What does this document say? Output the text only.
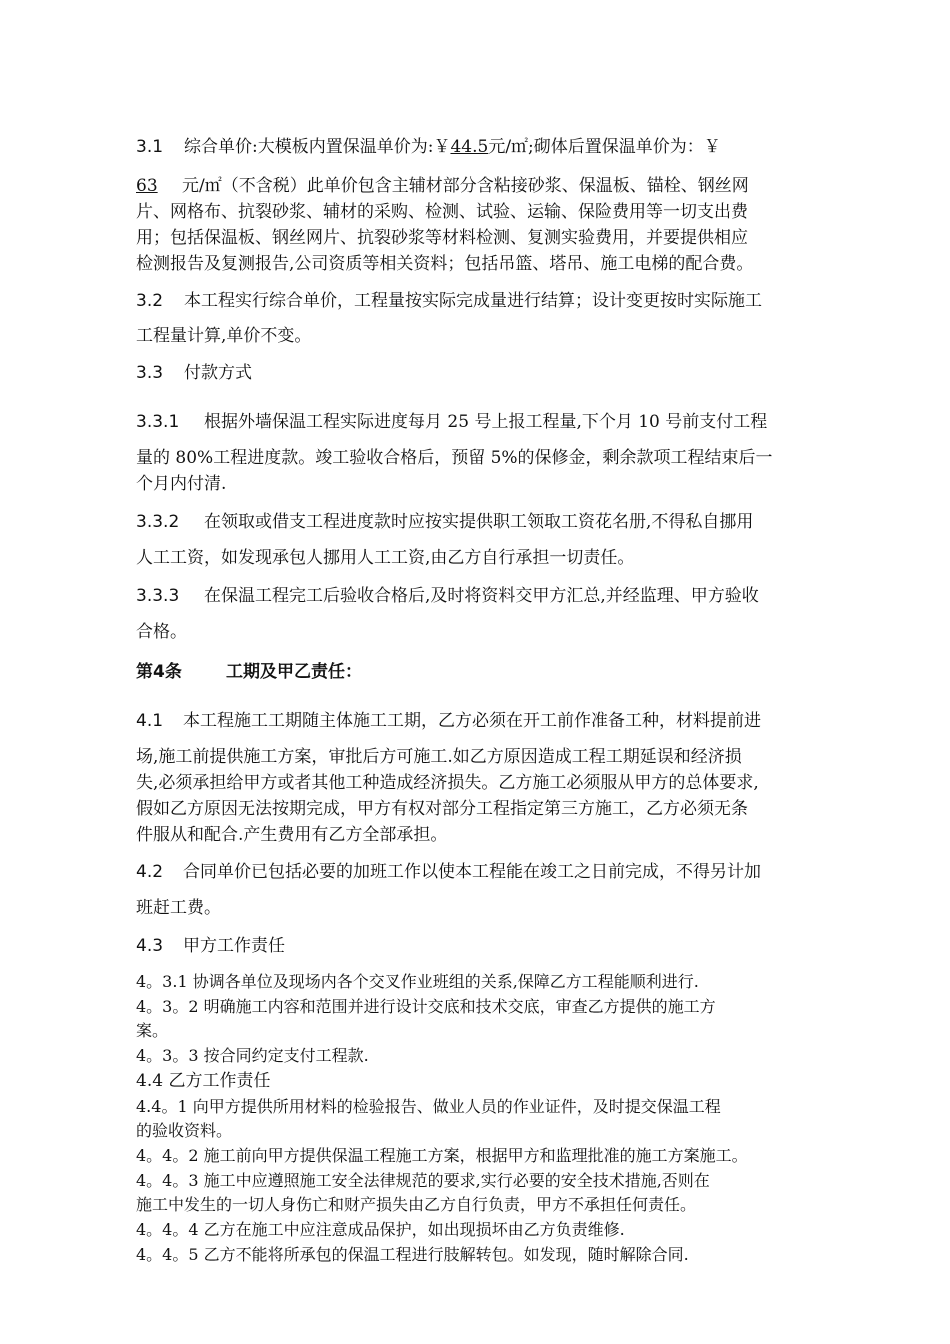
3.1 综合单价:大模板内置保温单价为:￥44.5元/㎡;砌体后置保温单价为：￥
63 元/㎡（不含税）此单价包含主辅材部分含粘接砂浆、保温板、锚栓、钢丝网
片、网格布、抗裂砂浆、辅材的采购、检测、试验、运输、保险费用等一切支出费
用；包括保温板、钢丝网片、抗裂砂浆等材料检测、复测实验费用，并要提供相应
检测报告及复测报告,公司资质等相关资料；包括吊篮、塔吊、施工电梯的配合费。
3.2 本工程实行综合单价，工程量按实际完成量进行结算；设计变更按时实际施工
工程量计算,单价不变。
3.3 付款方式
3.3.1 根据外墙保温工程实际进度每月 25 号上报工程量,下个月 10 号前支付工程
量的 80%工程进度款。竣工验收合格后，预留 5%的保修金，剩余款项工程结束后一
个月内付清.
3.3.2 在领取或借支工程进度款时应按实提供职工领取工资花名册,不得私自挪用
人工工资，如发现承包人挪用人工工资,由乙方自行承担一切责任。
3.3.3 在保温工程完工后验收合格后,及时将资料交甲方汇总,并经监理、甲方验收
合格。
第4条	工期及甲乙责任：
4.1 本工程施工工期随主体施工工期，乙方必须在开工前作准备工种，材料提前进
场,施工前提供施工方案，审批后方可施工.如乙方原因造成工程工期延误和经济损
失,必须承担给甲方或者其他工种造成经济损失。乙方施工必须服从甲方的总体要求,
假如乙方原因无法按期完成，甲方有权对部分工程指定第三方施工，乙方必须无条
件服从和配合.产生费用有乙方全部承担。
4.2 合同单价已包括必要的加班工作以使本工程能在竣工之日前完成，不得另计加
班赶工费。
4.3 甲方工作责任
4。3.1 协调各单位及现场内各个交叉作业班组的关系,保障乙方工程能顺利进行.
4。3。2 明确施工内容和范围并进行设计交底和技术交底，审查乙方提供的施工方
案。
4。3。3 按合同约定支付工程款.
4.4 乙方工作责任
4.4。1 向甲方提供所用材料的检验报告、做业人员的作业证件，及时提交保温工程
的验收资料。
4。4。2 施工前向甲方提供保温工程施工方案，根据甲方和监理批准的施工方案施工。
4。4。3 施工中应遵照施工安全法律规范的要求,实行必要的安全技术措施,否则在
施工中发生的一切人身伤亡和财产损失由乙方自行负责，甲方不承担任何责任。
4。4。4 乙方在施工中应注意成品保护，如出现损坏由乙方负责维修.
4。4。5 乙方不能将所承包的保温工程进行肢解转包。如发现，随时解除合同.
